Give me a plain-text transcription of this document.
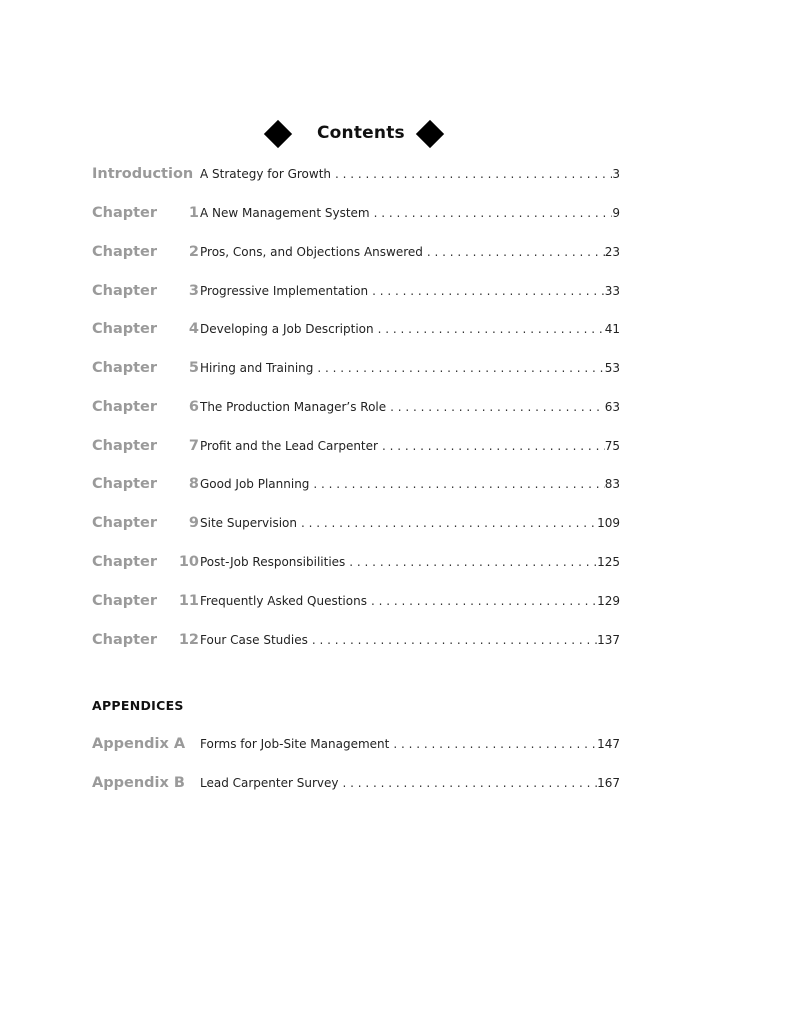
Contents
Introduction A Strategy for Growth . . .	3
Chapter 1 A New Management System . . .	9
Chapter 2 Pros, Cons, and Objections Answered . . .	23
Chapter 3 Progressive Implementation . . .	33
Chapter 4 Developing a Job Description . . .	41
Chapter 5 Hiring and Training . . .	53
Chapter 6 The Production Manager’s Role . . .	63
Chapter 7 Profit and the Lead Carpenter . . .	75
Chapter 8 Good Job Planning . . .	83
Chapter 9 Site Supervision . . .	109
Chapter 10 Post-Job Responsibilities . . .	125
Chapter 11 Frequently Asked Questions . . .	129
Chapter 12 Four Case Studies . . .	137
APPENDICES
Appendix A Forms for Job-Site Management . . .	147
Appendix B Lead Carpenter Survey . . .	167
